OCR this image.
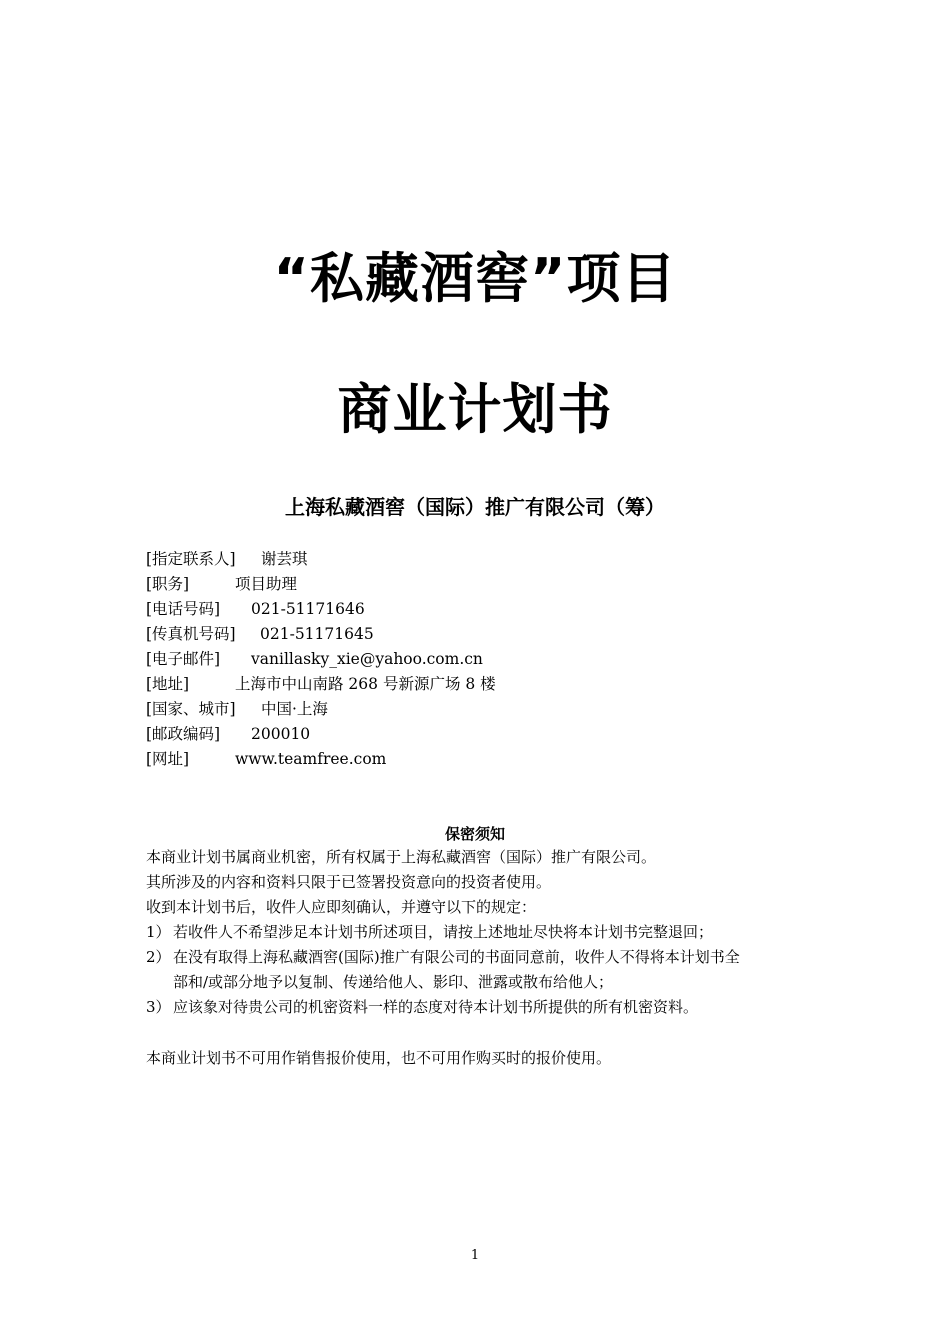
“私藏酒窖”项目
商业计划书
上海私藏酒窖（国际）推广有限公司（筹）
[指定联系人] 谢芸琪
[职务]	项目助理
[电话号码] 021-51171646
[传真机号码] 021-51171645
[电子邮件] vanillasky_xie@yahoo.com.cn
[地址]	上海市中山南路 268 号新源广场 8 楼
[国家、城市] 中国·上海
[邮政编码] 200010
[网址]	www.teamfree.com
保密须知
本商业计划书属商业机密，所有权属于上海私藏酒窖（国际）推广有限公司。
其所涉及的内容和资料只限于已签署投资意向的投资者使用。
收到本计划书后，收件人应即刻确认，并遵守以下的规定：
1） 若收件人不希望涉足本计划书所述项目，请按上述地址尽快将本计划书完整退回；
2） 在没有取得上海私藏酒窖(国际)推广有限公司的书面同意前，收件人不得将本计划书全
部和/或部分地予以复制、传递给他人、影印、泄露或散布给他人；
3） 应该象对待贵公司的机密资料一样的态度对待本计划书所提供的所有机密资料。
本商业计划书不可用作销售报价使用，也不可用作购买时的报价使用。
1
